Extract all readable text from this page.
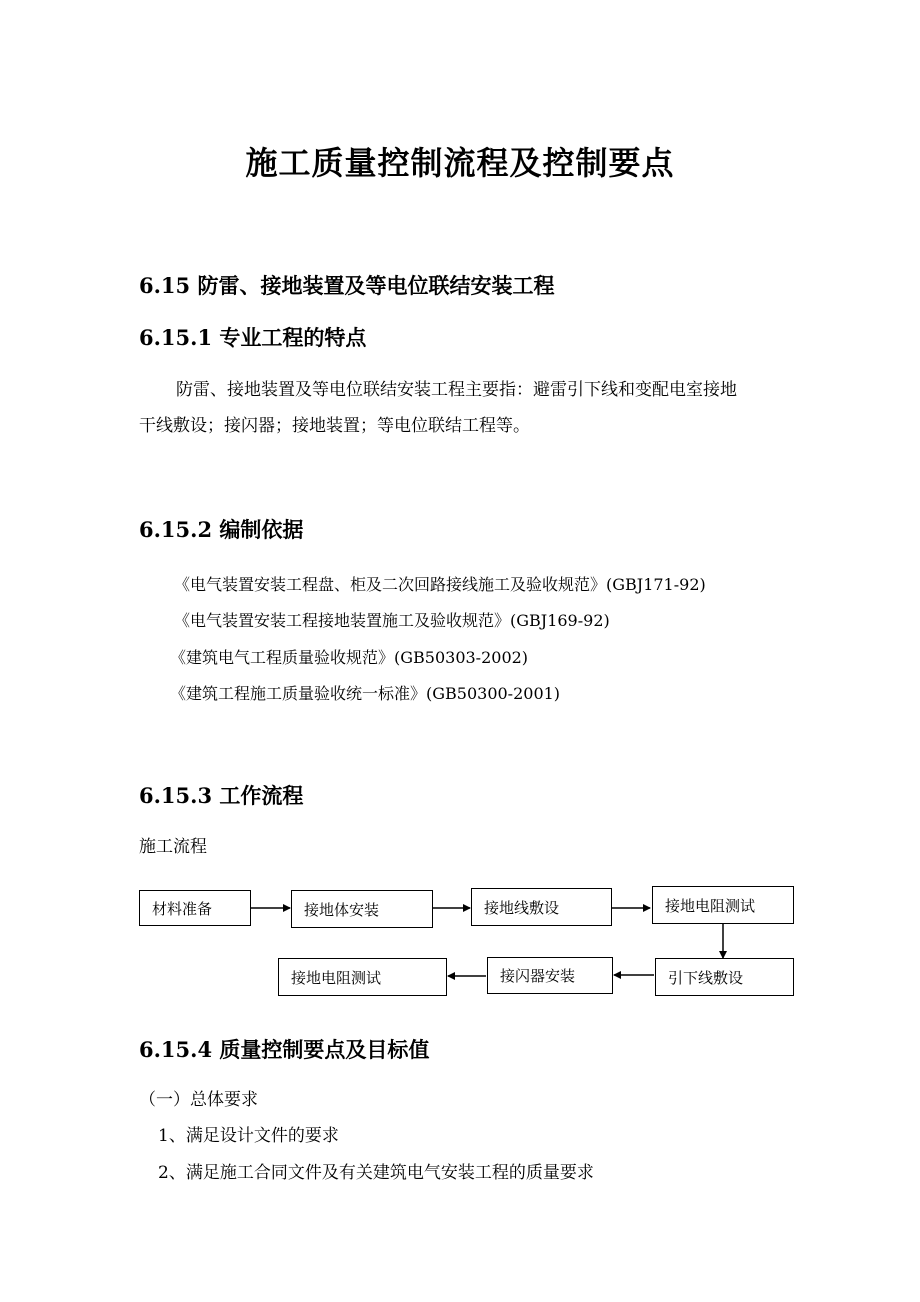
施工质量控制流程及控制要点
6.15 防雷、接地装置及等电位联结安装工程
6.15.1 专业工程的特点
防雷、接地装置及等电位联结安装工程主要指：避雷引下线和变配电室接地
干线敷设；接闪器；接地装置；等电位联结工程等。
6.15.2 编制依据
《电气装置安装工程盘、柜及二次回路接线施工及验收规范》(GBJ171-92)
《电气装置安装工程接地装置施工及验收规范》(GBJ169-92)
《建筑电气工程质量验收规范》(GB50303-2002)
《建筑工程施工质量验收统一标准》(GB50300-2001)
6.15.3 工作流程
施工流程
材料准备	接地体安装	接地线敷设	接地电阻测试
引下线敷设
接闪器安装
接地电阻测试
6.15.4 质量控制要点及目标值
（一）总体要求
1、满足设计文件的要求
2、满足施工合同文件及有关建筑电气安装工程的质量要求
